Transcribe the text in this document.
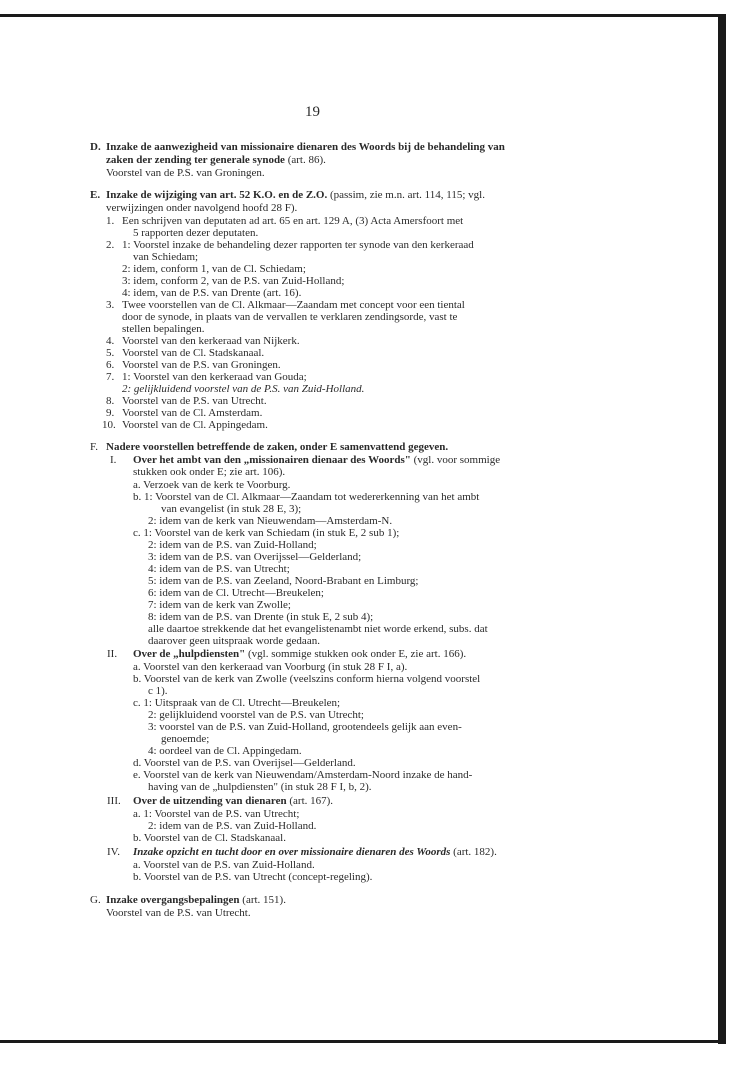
19
D. Inzake de aanwezigheid van missionaire dienaren des Woords bij de behandeling van
zaken der zending ter generale synode (art. 86).
Voorstel van de P.S. van Groningen.
E. Inzake de wijziging van art. 52 K.O. en de Z.O. (passim, zie m.n. art. 114, 115; vgl.
verwijzingen onder navolgend hoofd 28 F).
1. Een schrijven van deputaten ad art. 65 en art. 129 A, (3) Acta Amersfoort met
5 rapporten dezer deputaten.
2. 1: Voorstel inzake de behandeling dezer rapporten ter synode van den kerkeraad
van Schiedam;
2: idem, conform 1, van de Cl. Schiedam;
3: idem, conform 2, van de P.S. van Zuid-Holland;
4: idem, van de P.S. van Drente (art. 16).
3. Twee voorstellen van de Cl. Alkmaar—Zaandam met concept voor een tiental
door de synode, in plaats van de vervallen te verklaren zendingsorde, vast te
stellen bepalingen.
4. Voorstel van den kerkeraad van Nijkerk.
5. Voorstel van de Cl. Stadskanaal.
6. Voorstel van de P.S. van Groningen.
7. 1: Voorstel van den kerkeraad van Gouda;
2: gelijkluidend voorstel van de P.S. van Zuid-Holland.
8. Voorstel van de P.S. van Utrecht.
9. Voorstel van de Cl. Amsterdam.
10. Voorstel van de Cl. Appingedam.
F. Nadere voorstellen betreffende de zaken, onder E samenvattend gegeven.
I. Over het ambt van den „missionairen dienaar des Woords" (vgl. voor sommige
stukken ook onder E; zie art. 106).
a. Verzoek van de kerk te Voorburg.
b. 1: Voorstel van de Cl. Alkmaar—Zaandam tot wedererkenning van het ambt
van evangelist (in stuk 28 E, 3);
2: idem van de kerk van Nieuwendam—Amsterdam-N.
c. 1: Voorstel van de kerk van Schiedam (in stuk E, 2 sub 1);
2: idem van de P.S. van Zuid-Holland;
3: idem van de P.S. van Overijssel—Gelderland;
4: idem van de P.S. van Utrecht;
5: idem van de P.S. van Zeeland, Noord-Brabant en Limburg;
6: idem van de Cl. Utrecht—Breukelen;
7: idem van de kerk van Zwolle;
8: idem van de P.S. van Drente (in stuk E, 2 sub 4);
alle daartoe strekkende dat het evangelistenambt niet worde erkend, subs. dat
daarover geen uitspraak worde gedaan.
II. Over de „hulpdiensten" (vgl. sommige stukken ook onder E, zie art. 166).
a. Voorstel van den kerkeraad van Voorburg (in stuk 28 F I, a).
b. Voorstel van de kerk van Zwolle (veelszins conform hierna volgend voorstel
c 1).
c. 1: Uitspraak van de Cl. Utrecht—Breukelen;
2: gelijkluidend voorstel van de P.S. van Utrecht;
3: voorstel van de P.S. van Zuid-Holland, grootendeels gelijk aan even-
genoemde;
4: oordeel van de Cl. Appingedam.
d. Voorstel van de P.S. van Overijsel—Gelderland.
e. Voorstel van de kerk van Nieuwendam/Amsterdam-Noord inzake de hand-
having van de „hulpdiensten" (in stuk 28 F I, b, 2).
III. Over de uitzending van dienaren (art. 167).
a. 1: Voorstel van de P.S. van Utrecht;
2: idem van de P.S. van Zuid-Holland.
b. Voorstel van de Cl. Stadskanaal.
IV. Inzake opzicht en tucht door en over missionaire dienaren des Woords (art. 182).
a. Voorstel van de P.S. van Zuid-Holland.
b. Voorstel van de P.S. van Utrecht (concept-regeling).
G. Inzake overgangsbepalingen (art. 151).
Voorstel van de P.S. van Utrecht.
